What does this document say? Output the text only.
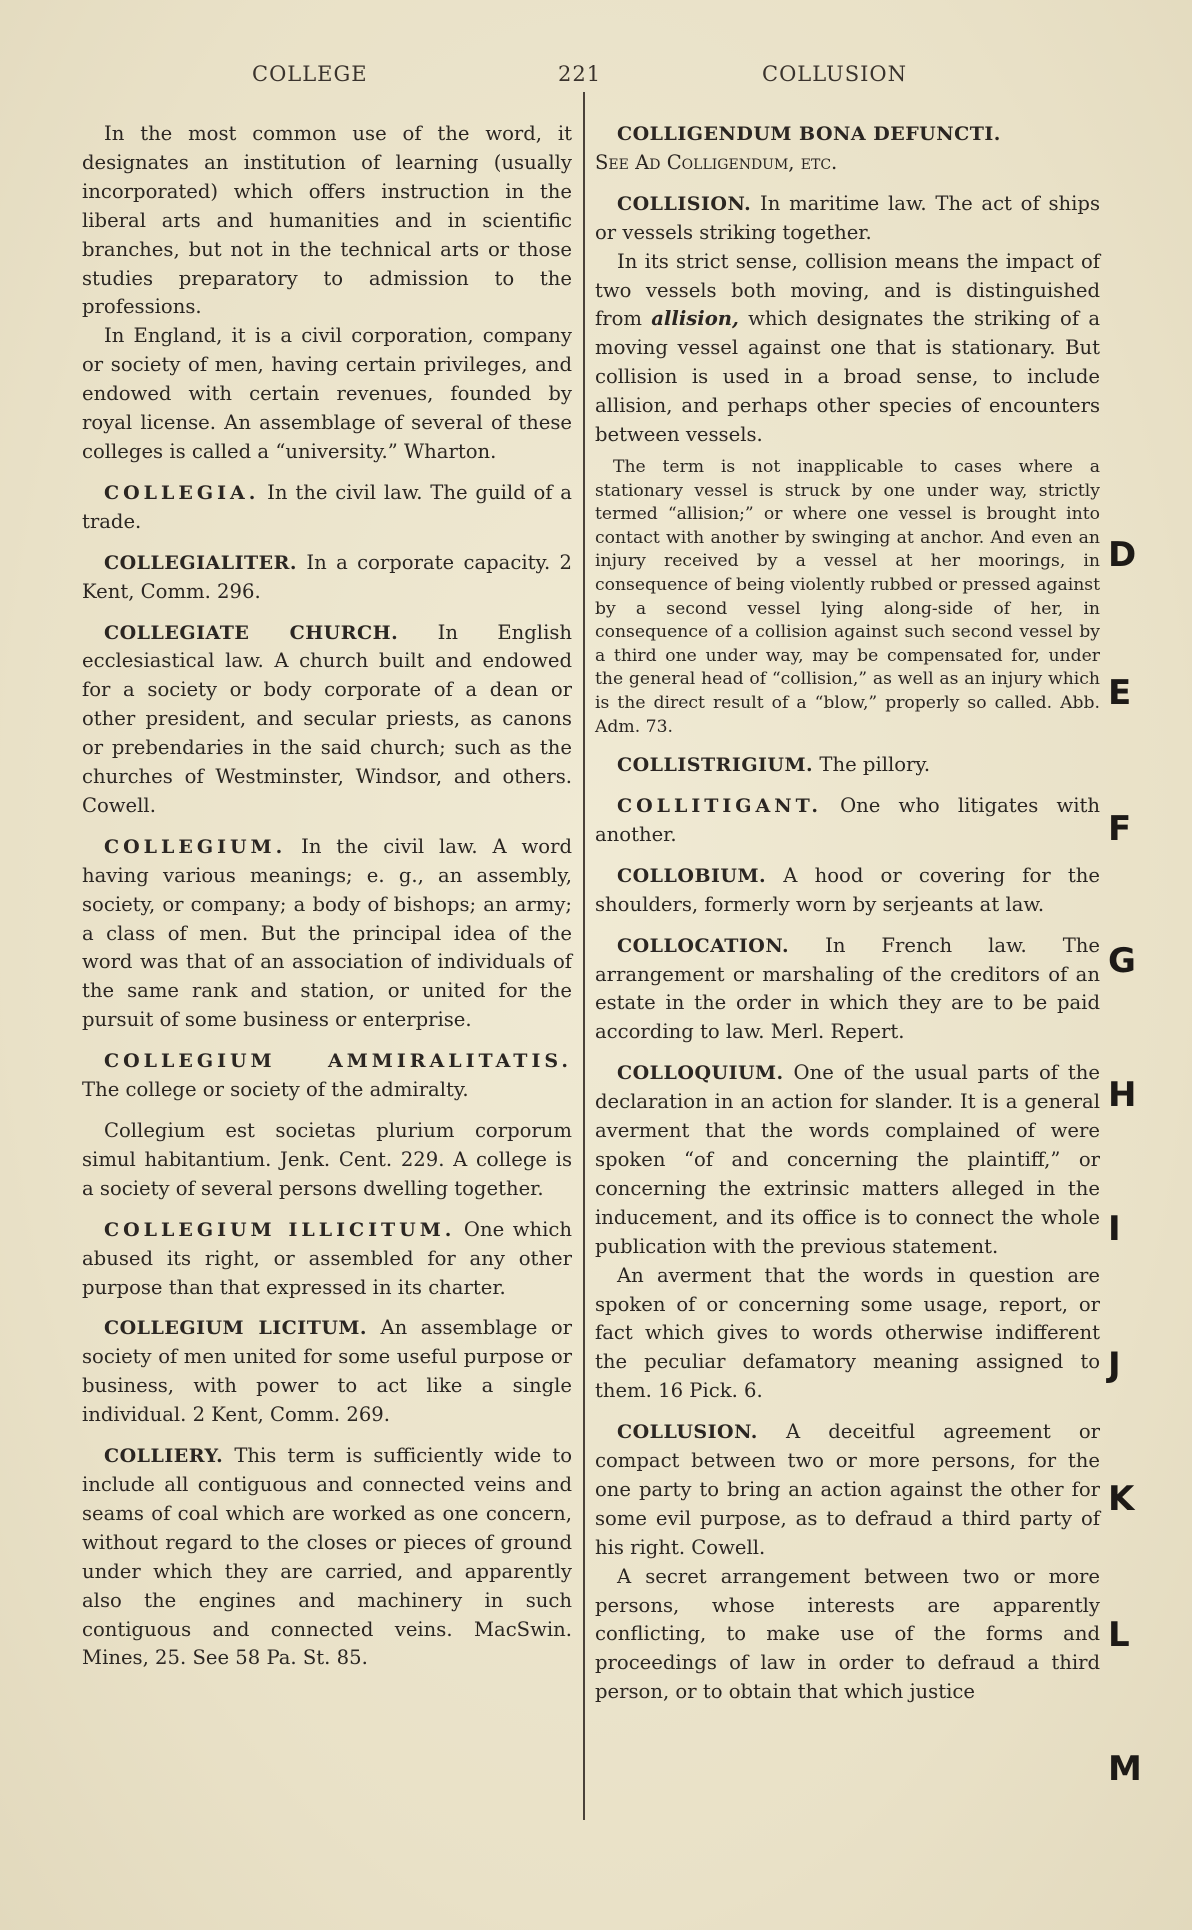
COLLEGE	221	COLLUSION

In the most common use of the word, it designates an institution of learning (usually incorporated) which offers instruction in the liberal arts and humanities and in scientific branches, but not in the technical arts or those studies preparatory to admission to the professions.

In England, it is a civil corporation, company or society of men, having certain privileges, and endowed with certain revenues, founded by royal license. An assemblage of several of these colleges is called a “university.” Wharton.

COLLEGIA. In the civil law. The guild of a trade.

COLLEGIALITER. In a corporate capacity. 2 Kent, Comm. 296.

COLLEGIATE CHURCH. In English ecclesiastical law. A church built and endowed for a society or body corporate of a dean or other president, and secular priests, as canons or prebendaries in the said church; such as the churches of Westminster, Windsor, and others. Cowell.

COLLEGIUM. In the civil law. A word having various meanings; e. g., an assembly, society, or company; a body of bishops; an army; a class of men. But the principal idea of the word was that of an association of individuals of the same rank and station, or united for the pursuit of some business or enterprise.

COLLEGIUM AMMIRALITATIS. The college or society of the admiralty.

Collegium est societas plurium corporum simul habitantium. Jenk. Cent. 229. A college is a society of several persons dwelling together.

COLLEGIUM ILLICITUM. One which abused its right, or assembled for any other purpose than that expressed in its charter.

COLLEGIUM LICITUM. An assemblage or society of men united for some useful purpose or business, with power to act like a single individual. 2 Kent, Comm. 269.

COLLIERY. This term is sufficiently wide to include all contiguous and connected veins and seams of coal which are worked as one concern, without regard to the closes or pieces of ground under which they are carried, and apparently also the engines and machinery in such contiguous and connected veins. MacSwin. Mines, 25. See 58 Pa. St. 85.

COLLIGENDUM BONA DEFUNCTI.

See Ad Colligendum, etc.

COLLISION. In maritime law. The act of ships or vessels striking together.

In its strict sense, collision means the impact of two vessels both moving, and is distinguished from allision, which designates the striking of a moving vessel against one that is stationary. But collision is used in a broad sense, to include allision, and perhaps other species of encounters between vessels.

The term is not inapplicable to cases where a stationary vessel is struck by one under way, strictly termed “allision;” or where one vessel is brought into contact with another by swinging at anchor. And even an injury received by a vessel at her moorings, in consequence of being violently rubbed or pressed against by a second vessel lying along-side of her, in consequence of a collision against such second vessel by a third one under way, may be compensated for, under the general head of “collision,” as well as an injury which is the direct result of a “blow,” properly so called. Abb. Adm. 73.

COLLISTRIGIUM. The pillory.

COLLITIGANT. One who litigates with another.

COLLOBIUM. A hood or covering for the shoulders, formerly worn by serjeants at law.

COLLOCATION. In French law. The arrangement or marshaling of the creditors of an estate in the order in which they are to be paid according to law. Merl. Repert.

COLLOQUIUM. One of the usual parts of the declaration in an action for slander. It is a general averment that the words complained of were spoken “of and concerning the plaintiff,” or concerning the extrinsic matters alleged in the inducement, and its office is to connect the whole publication with the previous statement.

An averment that the words in question are spoken of or concerning some usage, report, or fact which gives to words otherwise indifferent the peculiar defamatory meaning assigned to them. 16 Pick. 6.

COLLUSION. A deceitful agreement or compact between two or more persons, for the one party to bring an action against the other for some evil purpose, as to defraud a third party of his right. Cowell.

A secret arrangement between two or more persons, whose interests are apparently conflicting, to make use of the forms and proceedings of law in order to defraud a third person, or to obtain that which justice

D
E
F
G
H
I
J
K
L
M
